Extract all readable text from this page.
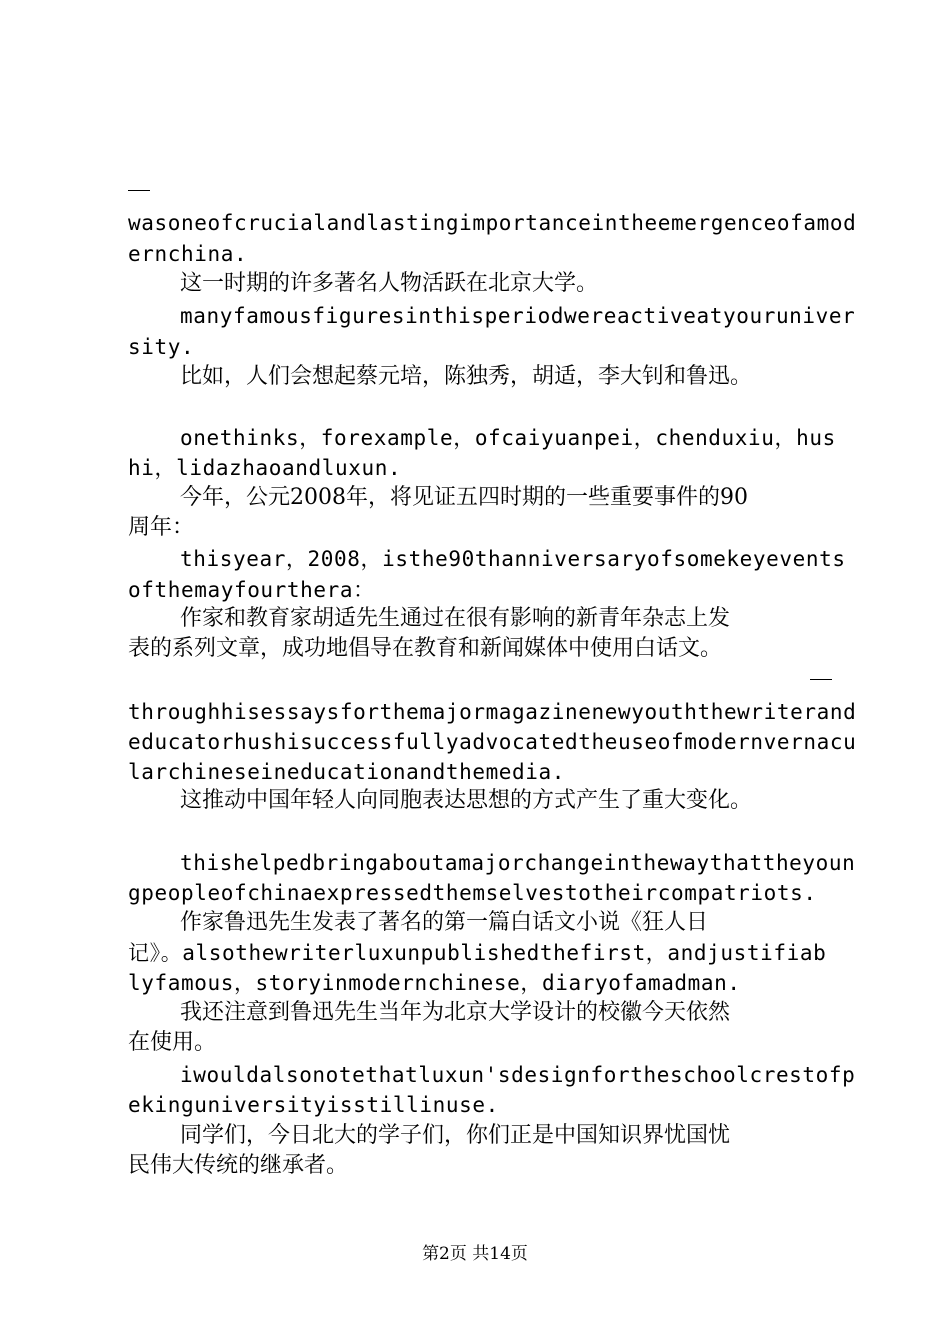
wasoneofcrucialandlastingimportanceintheemergenceofamod
ernchina.
这一时期的许多著名人物活跃在北京大学。
manyfamousfiguresinthisperiodwereactiveatyouruniver
sity.
比如，人们会想起蔡元培，陈独秀，胡适，李大钊和鲁迅。
onethinks，forexample，ofcaiyuanpei，chenduxiu，hus
hi，lidazhaoandluxun.
今年，公元2008年，将见证五四时期的一些重要事件的90
周年：
thisyear，2008，isthe90thanniversaryofsomekeyevents
ofthemayfourthera：
作家和教育家胡适先生通过在很有影响的新青年杂志上发
表的系列文章，成功地倡导在教育和新闻媒体中使用白话文。
throughhisessaysforthemajormagazinenewyouththewriterand
educatorhushisuccessfullyadvocatedtheuseofmodernvernacu
larchineseineducationandthemedia.
这推动中国年轻人向同胞表达思想的方式产生了重大变化。
thishelpedbringaboutamajorchangeinthewaythattheyoun
gpeopleofchinaexpressedthemselvestotheircompatriots.
作家鲁迅先生发表了著名的第一篇白话文小说《狂人日
记》。alsothewriterluxunpublishedthefirst，andjustifiab
lyfamous，storyinmodernchinese，diaryofamadman.
我还注意到鲁迅先生当年为北京大学设计的校徽今天依然
在使用。
iwouldalsonotethatluxun'sdesignfortheschoolcrestofp
ekinguniversityisstillinuse.
同学们，今日北大的学子们，你们正是中国知识界忧国忧
民伟大传统的继承者。
第2页 共14页
